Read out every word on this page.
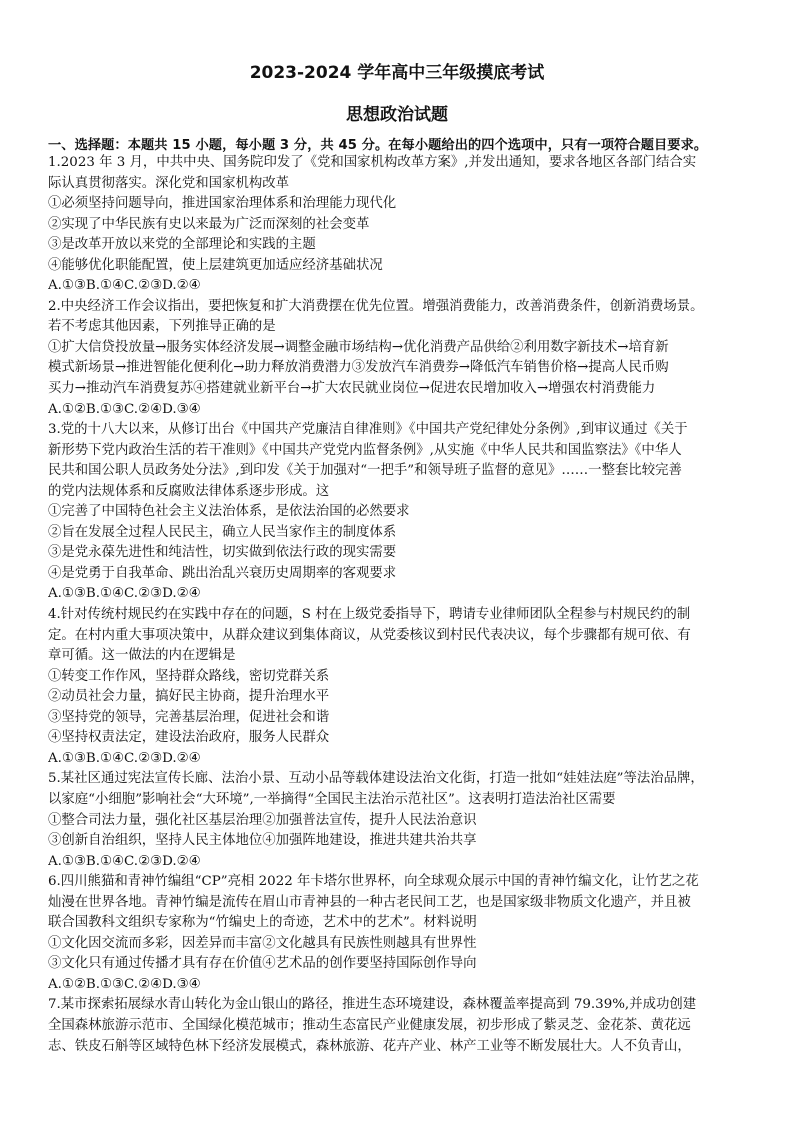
2023-2024 学年高中三年级摸底考试
思想政治试题
一、选择题：本题共 15 小题，每小题 3 分，共 45 分。在每小题给出的四个选项中，只有一项符合题目要求。
1.2023 年 3 月，中共中央、国务院印发了《党和国家机构改革方案》,并发出通知，要求各地区各部门结合实
际认真贯彻落实。深化党和国家机构改革
①必须坚持问题导向，推进国家治理体系和治理能力现代化
②实现了中华民族有史以来最为广泛而深刻的社会变革
③是改革开放以来党的全部理论和实践的主题
④能够优化职能配置，使上层建筑更加适应经济基础状况
A.①③B.①④C.②③D.②④
2.中央经济工作会议指出，要把恢复和扩大消费摆在优先位置。增强消费能力，改善消费条件，创新消费场景。
若不考虑其他因素，下列推导正确的是
①扩大信贷投放量→服务实体经济发展→调整金融市场结构→优化消费产品供给②利用数字新技术→培育新
模式新场景→推进智能化便利化→助力释放消费潜力③发放汽车消费券→降低汽车销售价格→提高人民币购
买力→推动汽车消费复苏④搭建就业新平台→扩大农民就业岗位→促进农民增加收入→增强农村消费能力
A.①②B.①③C.②④D.③④
3.党的十八大以来，从修订出台《中国共产党廉洁自律准则》《中国共产党纪律处分条例》,到审议通过《关于
新形势下党内政治生活的若干准则》《中国共产党党内监督条例》,从实施《中华人民共和国监察法》《中华人
民共和国公职人员政务处分法》,到印发《关于加强对“一把手”和领导班子监督的意见》……一整套比较完善
的党内法规体系和反腐败法律体系逐步形成。这
①完善了中国特色社会主义法治体系，是依法治国的必然要求
②旨在发展全过程人民民主，确立人民当家作主的制度体系
③是党永葆先进性和纯洁性，切实做到依法行政的现实需要
④是党勇于自我革命、跳出治乱兴衰历史周期率的客观要求
A.①③B.①④C.②③D.②④
4.针对传统村规民约在实践中存在的问题，S 村在上级党委指导下，聘请专业律师团队全程参与村规民约的制
定。在村内重大事项决策中，从群众建议到集体商议，从党委核议到村民代表决议，每个步骤都有规可依、有
章可循。这一做法的内在逻辑是
①转变工作作风，坚持群众路线，密切党群关系
②动员社会力量，搞好民主协商，提升治理水平
③坚持党的领导，完善基层治理，促进社会和谐
④坚持权责法定，建设法治政府，服务人民群众
A.①③B.①④C.②③D.②④
5.某社区通过宪法宣传长廊、法治小景、互动小品等载体建设法治文化街，打造一批如“娃娃法庭”等法治品牌，
以家庭“小细胞”影响社会“大环境”,一举摘得“全国民主法治示范社区”。这表明打造法治社区需要
①整合司法力量，强化社区基层治理②加强普法宣传，提升人民法治意识
③创新自治组织，坚持人民主体地位④加强阵地建设，推进共建共治共享
A.①③B.①④C.②③D.②④
6.四川熊猫和青神竹编组“CP”亮相 2022 年卡塔尔世界杯，向全球观众展示中国的青神竹编文化，让竹艺之花
灿漫在世界各地。青神竹编是流传在眉山市青神县的一种古老民间工艺，也是国家级非物质文化遗产，并且被
联合国教科文组织专家称为“竹编史上的奇迹，艺术中的艺术”。材料说明
①文化因交流而多彩，因差异而丰富②文化越具有民族性则越具有世界性
③文化只有通过传播才具有存在价值④艺术品的创作要坚持国际创作导向
A.①②B.①③C.②④D.③④
7.某市探索拓展绿水青山转化为金山银山的路径，推进生态环境建设，森林覆盖率提高到 79.39%,并成功创建
全国森林旅游示范市、全国绿化模范城市；推动生态富民产业健康发展，初步形成了紫灵芝、金花茶、黄花远
志、铁皮石斛等区域特色林下经济发展模式，森林旅游、花卉产业、林产工业等不断发展壮大。人不负青山，
